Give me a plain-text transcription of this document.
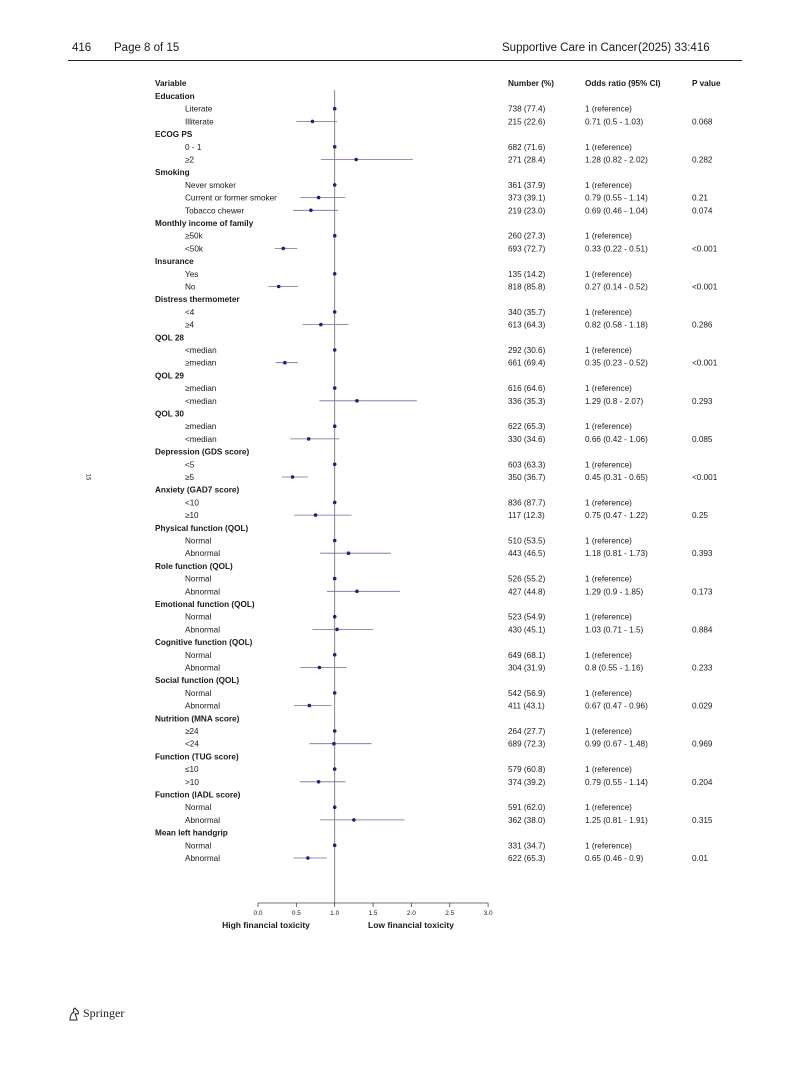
416 Page 8 of 15	Supportive Care in Cancer (2025) 33:416
15
Variable	Number (%)	Odds ratio (95% CI)	P value
Education
Literate	738 (77.4)	1 (reference)
Illiterate	215 (22.6)	0.71 (0.5 - 1.03)	0.068
ECOG PS
0 - 1	682 (71.6)	1 (reference)
≥2	271 (28.4)	1.28 (0.82 - 2.02)	0.282
Smoking
Never smoker	361 (37.9)	1 (reference)
Current or former smoker	373 (39.1)	0.79 (0.55 - 1.14)	0.21
Tobacco chewer	219 (23.0)	0.69 (0.46 - 1.04)	0.074
Monthly income of family
≥50k	260 (27.3)	1 (reference)
<50k	693 (72.7)	0.33 (0.22 - 0.51)	<0.001
Insurance
Yes	135 (14.2)	1 (reference)
No	818 (85.8)	0.27 (0.14 - 0.52)	<0.001
Distress thermometer
<4	340 (35.7)	1 (reference)
≥4	613 (64.3)	0.82 (0.58 - 1.18)	0.286
QOL 28
<median	292 (30.6)	1 (reference)
≥median	661 (69.4)	0.35 (0.23 - 0.52)	<0.001
QOL 29
≥median	616 (64.6)	1 (reference)
<median	336 (35.3)	1.29 (0.8 - 2.07)	0.293
QOL 30
≥median	622 (65.3)	1 (reference)
<median	330 (34.6)	0.66 (0.42 - 1.06)	0.085
Depression (GDS score)
<5	603 (63.3)	1 (reference)
≥5	350 (36.7)	0.45 (0.31 - 0.65)	<0.001
Anxiety (GAD7 score)
<10	836 (87.7)	1 (reference)
≥10	117 (12.3)	0.75 (0.47 - 1.22)	0.25
Physical function (QOL)
Normal	510 (53.5)	1 (reference)
Abnormal	443 (46.5)	1.18 (0.81 - 1.73)	0.393
Role function (QOL)
Normal	526 (55.2)	1 (reference)
Abnormal	427 (44.8)	1.29 (0.9 - 1.85)	0.173
Emotional function (QOL)
Normal	523 (54.9)	1 (reference)
Abnormal	430 (45.1)	1.03 (0.71 - 1.5)	0.884
Cognitive function (QOL)
Normal	649 (68.1)	1 (reference)
Abnormal	304 (31.9)	0.8 (0.55 - 1.16)	0.233
Social function (QOL)
Normal	542 (56.9)	1 (reference)
Abnormal	411 (43.1)	0.67 (0.47 - 0.96)	0.029
Nutrition (MNA score)
≥24	264 (27.7)	1 (reference)
<24	689 (72.3)	0.99 (0.67 - 1.48)	0.969
Function (TUG score)
≤10	579 (60.8)	1 (reference)
>10	374 (39.2)	0.79 (0.55 - 1.14)	0.204
Function (IADL score)
Normal	591 (62.0)	1 (reference)
Abnormal	362 (38.0)	1.25 (0.81 - 1.91)	0.315
Mean left handgrip
Normal	331 (34.7)	1 (reference)
Abnormal	622 (65.3)	0.65 (0.46 - 0.9)	0.01
0.0	0.5	1.0	1.5	2.0	2.5	3.0
High financial toxicity	Low financial toxicity
Springer
